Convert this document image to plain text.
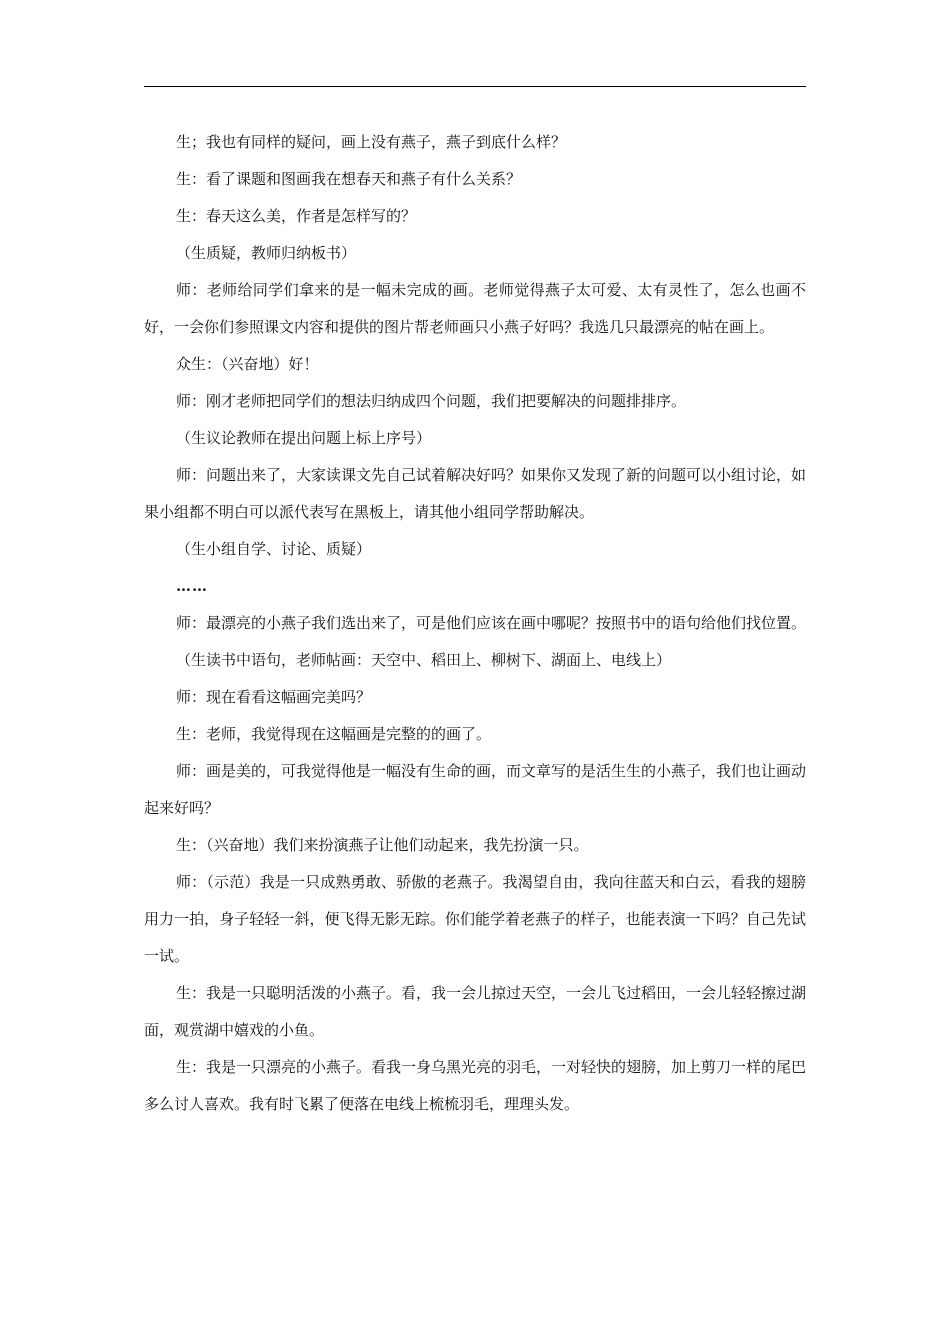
生；我也有同样的疑问，画上没有燕子，燕子到底什么样？

生：看了课题和图画我在想春天和燕子有什么关系？

生：春天这么美，作者是怎样写的？

（生质疑，教师归纳板书）

师：老师给同学们拿来的是一幅未完成的画。老师觉得燕子太可爱、太有灵性了，怎么也画不好，一会你们参照课文内容和提供的图片帮老师画只小燕子好吗？我选几只最漂亮的帖在画上。

众生：（兴奋地）好！

师：刚才老师把同学们的想法归纳成四个问题，我们把要解决的问题排排序。

（生议论教师在提出问题上标上序号）

师：问题出来了，大家读课文先自己试着解决好吗？如果你又发现了新的问题可以小组讨论，如果小组都不明白可以派代表写在黑板上，请其他小组同学帮助解决。

（生小组自学、讨论、质疑）

……

师：最漂亮的小燕子我们选出来了，可是他们应该在画中哪呢？按照书中的语句给他们找位置。

（生读书中语句，老师帖画：天空中、稻田上、柳树下、湖面上、电线上）

师：现在看看这幅画完美吗？

生：老师，我觉得现在这幅画是完整的的画了。

师：画是美的，可我觉得他是一幅没有生命的画，而文章写的是活生生的小燕子，我们也让画动起来好吗？

生：（兴奋地）我们来扮演燕子让他们动起来，我先扮演一只。

师：（示范）我是一只成熟勇敢、骄傲的老燕子。我渴望自由，我向往蓝天和白云，看我的翅膀用力一拍，身子轻轻一斜，便飞得无影无踪。你们能学着老燕子的样子，也能表演一下吗？自己先试一试。

生：我是一只聪明活泼的小燕子。看，我一会儿掠过天空，一会儿飞过稻田，一会儿轻轻擦过湖面，观赏湖中嬉戏的小鱼。

生：我是一只漂亮的小燕子。看我一身乌黑光亮的羽毛，一对轻快的翅膀，加上剪刀一样的尾巴多么讨人喜欢。我有时飞累了便落在电线上梳梳羽毛，理理头发。
